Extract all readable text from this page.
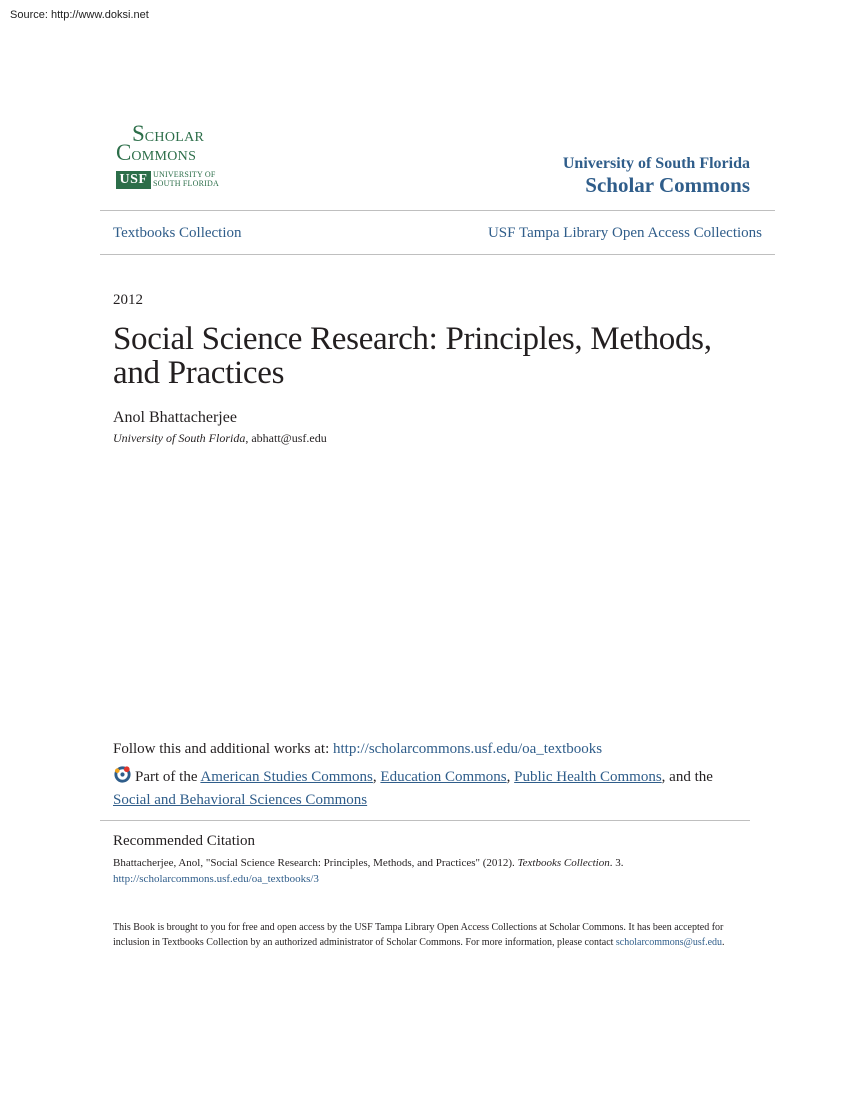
Source: http://www.doksi.net
SCHOLAR
COMMONS
USF UNIVERSITY OF
SOUTH FLORIDA
University of South Florida
Scholar Commons
Textbooks Collection	USF Tampa Library Open Access Collections
2012
Social Science Research: Principles, Methods, and Practices
Anol Bhattacherjee
University of South Florida, abhatt@usf.edu
Follow this and additional works at: http://scholarcommons.usf.edu/oa_textbooks
Part of the American Studies Commons, Education Commons, Public Health Commons, and the Social and Behavioral Sciences Commons
Recommended Citation
Bhattacherjee, Anol, "Social Science Research: Principles, Methods, and Practices" (2012). Textbooks Collection. 3.
http://scholarcommons.usf.edu/oa_textbooks/3
This Book is brought to you for free and open access by the USF Tampa Library Open Access Collections at Scholar Commons. It has been accepted for inclusion in Textbooks Collection by an authorized administrator of Scholar Commons. For more information, please contact scholarcommons@usf.edu.
